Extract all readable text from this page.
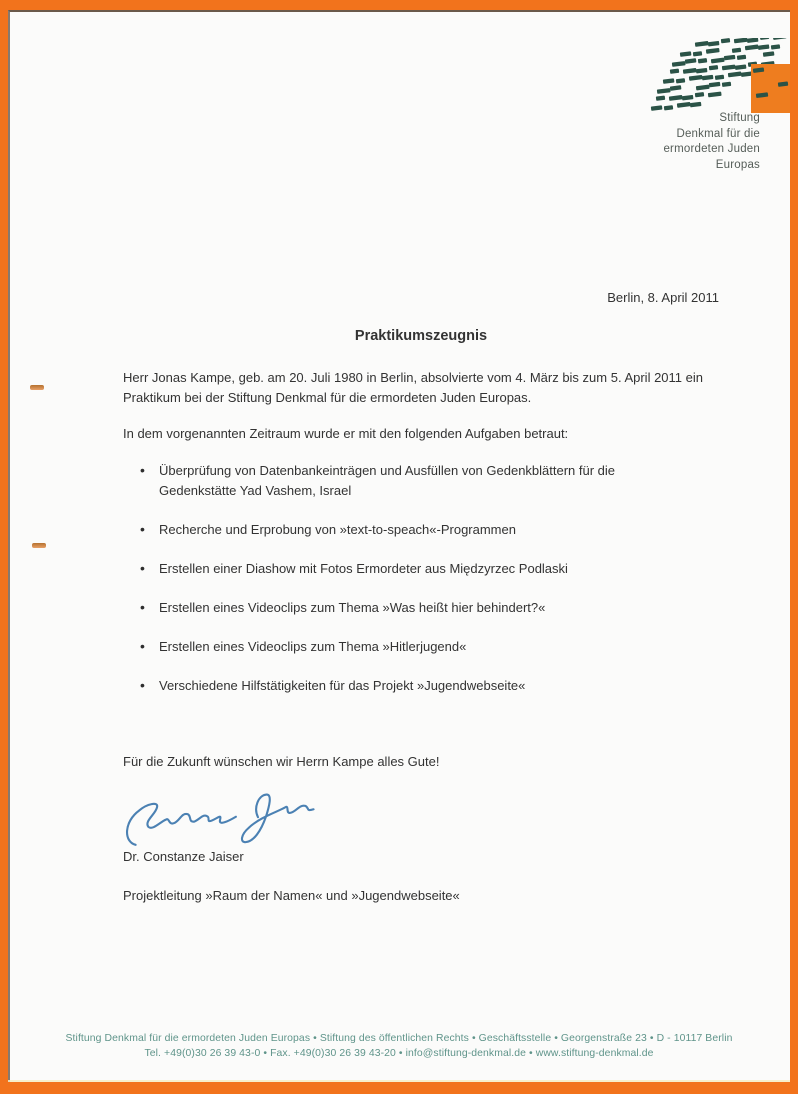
Stiftung
Denkmal für die
ermordeten Juden
Europas
Berlin, 8. April 2011
Praktikumszeugnis

Herr Jonas Kampe, geb. am 20. Juli 1980 in Berlin, absolvierte vom 4. März bis zum 5. April 2011 ein Praktikum bei der Stiftung Denkmal für die ermordeten Juden Europas.

In dem vorgenannten Zeitraum wurde er mit den folgenden Aufgaben betraut:

• Überprüfung von Datenbankeinträgen und Ausfüllen von Gedenkblättern für die Gedenkstätte Yad Vashem, Israel
• Recherche und Erprobung von »text-to-speach«-Programmen
• Erstellen einer Diashow mit Fotos Ermordeter aus Międzyrzec Podlaski
• Erstellen eines Videoclips zum Thema »Was heißt hier behindert?«
• Erstellen eines Videoclips zum Thema »Hitlerjugend«
• Verschiedene Hilfstätigkeiten für das Projekt »Jugendwebseite«

Für die Zukunft wünschen wir Herrn Kampe alles Gute!

Dr. Constanze Jaiser
Projektleitung »Raum der Namen« und »Jugendwebseite«
Stiftung Denkmal für die ermordeten Juden Europas • Stiftung des öffentlichen Rechts • Geschäftsstelle • Georgenstraße 23 • D - 10117 Berlin
Tel. +49(0)30 26 39 43-0 • Fax. +49(0)30 26 39 43-20 • info@stiftung-denkmal.de • www.stiftung-denkmal.de
